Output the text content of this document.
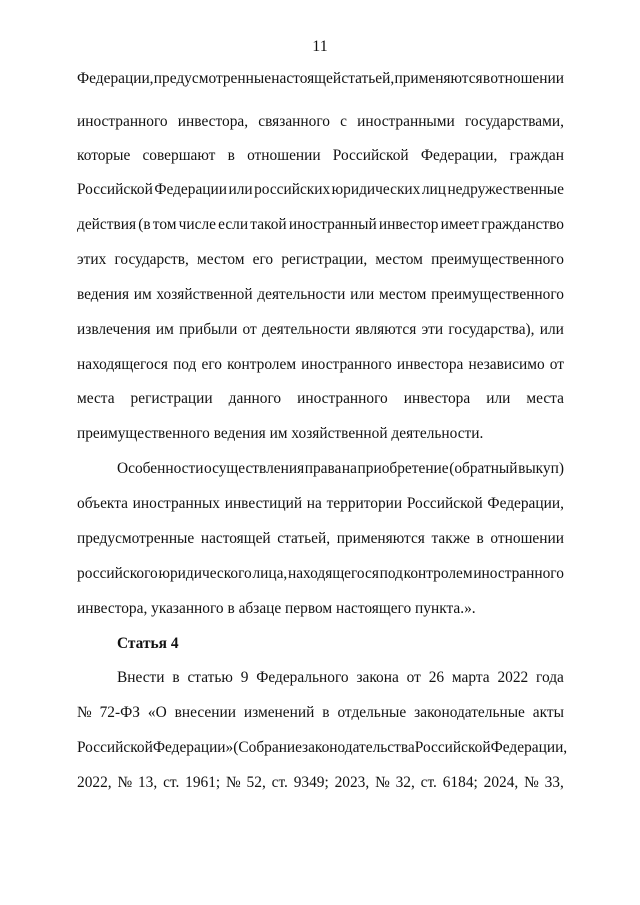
11
Федерации, предусмотренные настоящей статьей, применяются в отношении
иностранного инвестора, связанного с иностранными государствами,
которые совершают в отношении Российской Федерации, граждан
Российской Федерации или российских юридических лиц недружественные
действия (в том числе если такой иностранный инвестор имеет гражданство
этих государств, местом его регистрации, местом преимущественного
ведения им хозяйственной деятельности или местом преимущественного
извлечения им прибыли от деятельности являются эти государства), или
находящегося под его контролем иностранного инвестора независимо от
места регистрации данного иностранного инвестора или места
преимущественного ведения им хозяйственной деятельности.
Особенности осуществления права на приобретение (обратный выкуп)
объекта иностранных инвестиций на территории Российской Федерации,
предусмотренные настоящей статьей, применяются также в отношении
российского юридического лица, находящегося под контролем иностранного
инвестора, указанного в абзаце первом настоящего пункта.».
Статья 4
Внести в статью 9 Федерального закона от 26 марта 2022 года
№ 72-ФЗ «О внесении изменений в отдельные законодательные акты
Российской Федерации» (Собрание законодательства Российской Федерации,
2022, № 13, ст. 1961; № 52, ст. 9349; 2023, № 32, ст. 6184; 2024, № 33,
